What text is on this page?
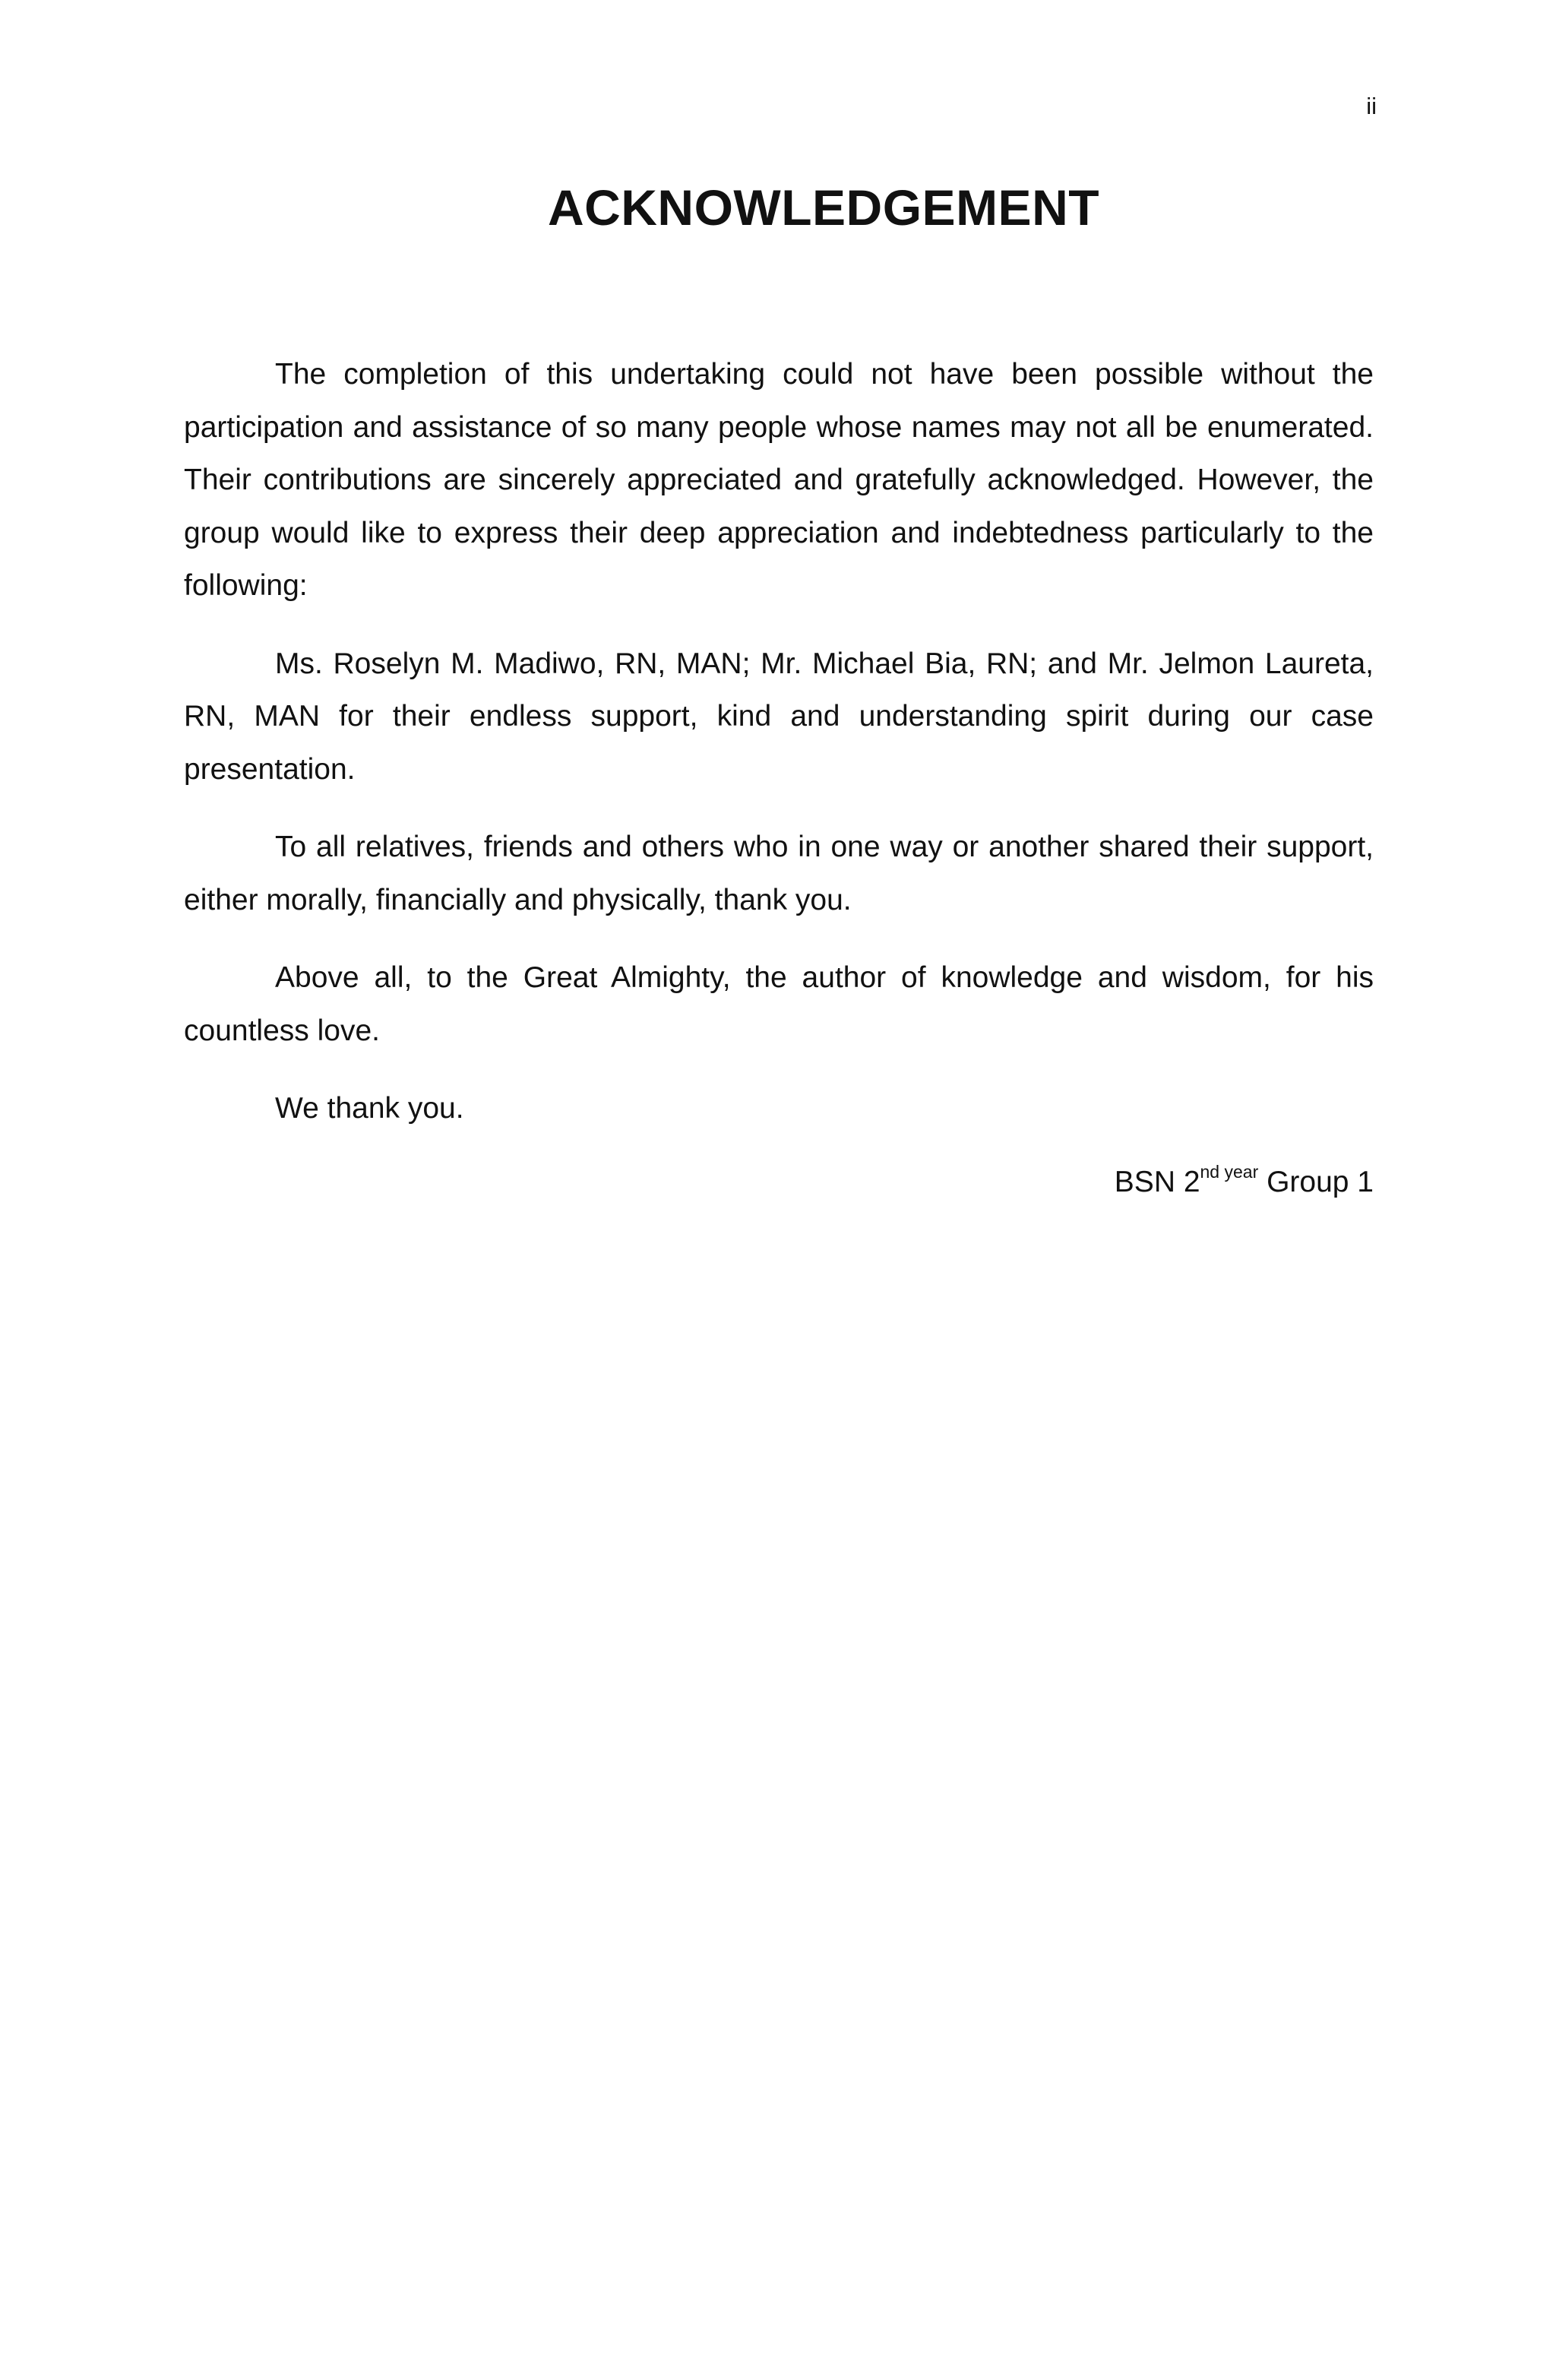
ii
ACKNOWLEDGEMENT

The completion of this undertaking could not have been possible without the participation and assistance of so many people whose names may not all be enumerated. Their contributions are sincerely appreciated and gratefully acknowledged. However, the group would like to express their deep appreciation and indebtedness particularly to the following:

Ms. Roselyn M. Madiwo, RN, MAN; Mr. Michael Bia, RN; and Mr. Jelmon Laureta, RN, MAN for their endless support, kind and understanding spirit during our case presentation.

To all relatives, friends and others who in one way or another shared their support, either morally, financially and physically, thank you.

Above all, to the Great Almighty, the author of knowledge and wisdom, for his countless love.

We thank you.

BSN $2^{nd year}$ Group 1
